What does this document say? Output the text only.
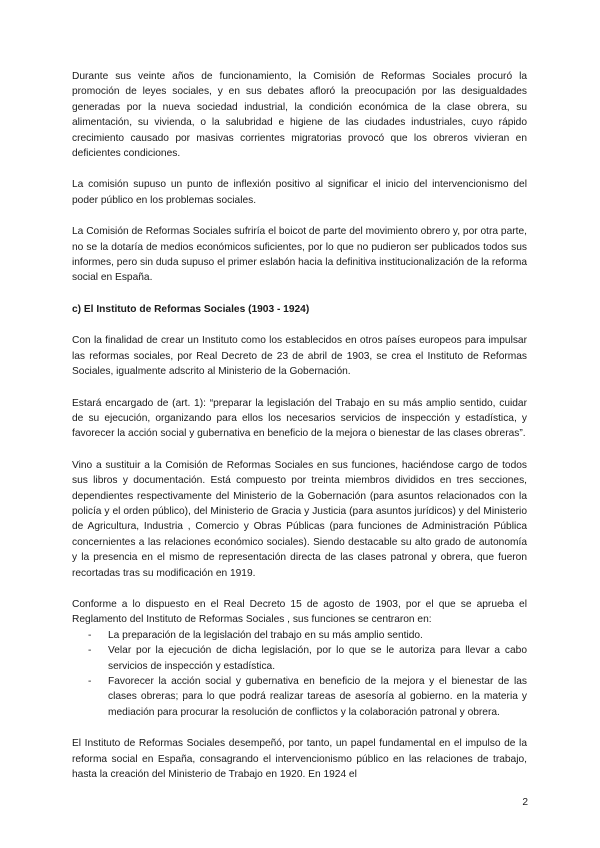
Durante sus veinte años de funcionamiento, la Comisión de Reformas Sociales procuró la promoción de leyes sociales, y en sus debates afloró la preocupación por las desigualdades generadas por la nueva sociedad industrial, la condición económica de la clase obrera, su alimentación, su vivienda, o la salubridad e higiene de las ciudades industriales, cuyo rápido crecimiento causado por masivas corrientes migratorias provocó que los obreros vivieran en deficientes condiciones.

La comisión supuso un punto de inflexión positivo al significar el inicio del intervencionismo del poder público en los problemas sociales.

La Comisión de Reformas Sociales sufriría el boicot de parte del movimiento obrero y, por otra parte, no se la dotaría de medios económicos suficientes, por lo que no pudieron ser publicados todos sus informes, pero sin duda supuso el primer eslabón hacia la definitiva institucionalización de la reforma social en España.

c) El Instituto de Reformas Sociales (1903 - 1924)

Con la finalidad de crear un Instituto como los establecidos en otros países europeos para impulsar las reformas sociales, por Real Decreto de 23 de abril de 1903, se crea el Instituto de Reformas Sociales, igualmente adscrito al Ministerio de la Gobernación.

Estará encargado de (art. 1): “preparar la legislación del Trabajo en su más amplio sentido, cuidar de su ejecución, organizando para ellos los necesarios servicios de inspección y estadística, y favorecer la acción social y gubernativa en beneficio de la mejora o bienestar de las clases obreras”.

Vino a sustituir a la Comisión de Reformas Sociales en sus funciones, haciéndose cargo de todos sus libros y documentación. Está compuesto por treinta miembros divididos en tres secciones, dependientes respectivamente del Ministerio de la Gobernación (para asuntos relacionados con la policía y el orden público), del Ministerio de Gracia y Justicia (para asuntos jurídicos) y del Ministerio de Agricultura, Industria , Comercio y Obras Públicas (para funciones de Administración Pública concernientes a las relaciones económico sociales). Siendo destacable su alto grado de autonomía y la presencia en el mismo de representación directa de las clases patronal y obrera, que fueron recortadas tras su modificación en 1919.

Conforme a lo dispuesto en el Real Decreto 15 de agosto de 1903, por el que se aprueba el Reglamento del Instituto de Reformas Sociales , sus funciones se centraron en:

- La preparación de la legislación del trabajo en su más amplio sentido.
- Velar por la ejecución de dicha legislación, por lo que se le autoriza para llevar a cabo servicios de inspección y estadística.
- Favorecer la acción social y gubernativa en beneficio de la mejora y el bienestar de las clases obreras; para lo que podrá realizar tareas de asesoría al gobierno. en la materia y mediación para procurar la resolución de conflictos y la colaboración patronal y obrera.

El Instituto de Reformas Sociales desempeñó, por tanto, un papel fundamental en el impulso de la reforma social en España, consagrando el intervencionismo público en las relaciones de trabajo, hasta la creación del Ministerio de Trabajo en 1920. En 1924 el

2
